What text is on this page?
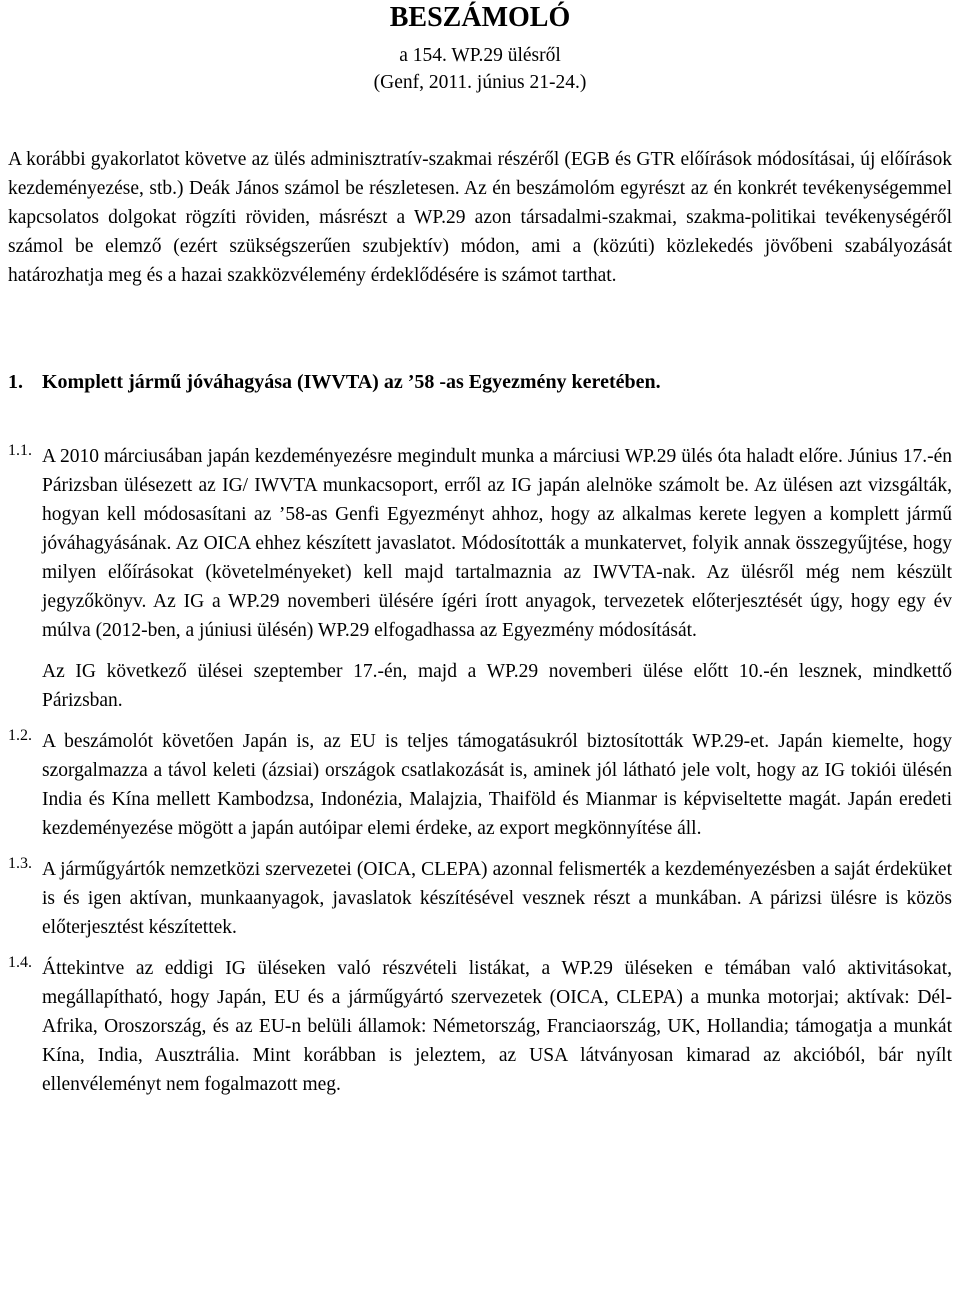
BESZÁMOLÓ
a 154. WP.29 ülésről
(Genf, 2011. június 21-24.)

A korábbi gyakorlatot követve az ülés adminisztratív-szakmai részéről (EGB és GTR előírások módosításai, új előírások kezdeményezése, stb.) Deák János számol be részletesen. Az én beszámolóm egyrészt az én konkrét tevékenységemmel kapcsolatos dolgokat rögzíti röviden, másrészt a WP.29 azon társadalmi-szakmai, szakma-politikai tevékenységéről számol be elemző (ezért szükségszerűen szubjektív) módon, ami a (közúti) közlekedés jövőbeni szabályozását határozhatja meg és a hazai szakközvélemény érdeklődésére is számot tarthat.

1. Komplett jármű jóváhagyása (IWVTA) az ’58 -as Egyezmény keretében.
1.1. A 2010 márciusában japán kezdeményezésre megindult munka a márciusi WP.29 ülés óta haladt előre. Június 17.-én Párizsban ülésezett az IG/ IWVTA munkacsoport, erről az IG japán alelnöke számolt be. Az ülésen azt vizsgálták, hogyan kell módosasítani az ’58-as Genfi Egyezményt ahhoz, hogy az alkalmas kerete legyen a komplett jármű jóváhagyásának. Az OICA ehhez készített javaslatot. Módosították a munkatervet, folyik annak összegyűjtése, hogy milyen előírásokat (követelményeket) kell majd tartalmaznia az IWVTA-nak. Az ülésről még nem készült jegyzőkönyv. Az IG a WP.29 novemberi ülésére ígéri írott anyagok, tervezetek előterjesztését úgy, hogy egy év múlva (2012-ben, a júniusi ülésén) WP.29 elfogadhassa az Egyezmény módosítását.

Az IG következő ülései szeptember 17.-én, majd a WP.29 novemberi ülése előtt 10.-én lesznek, mindkettő Párizsban.

1.2. A beszámolót követően Japán is, az EU is teljes támogatásukról biztosították WP.29-et. Japán kiemelte, hogy szorgalmazza a távol keleti (ázsiai) országok csatlakozását is, aminek jól látható jele volt, hogy az IG tokiói ülésén India és Kína mellett Kambodzsa, Indonézia, Malajzia, Thaiföld és Mianmar is képviseltette magát. Japán eredeti kezdeményezése mögött a japán autóipar elemi érdeke, az export megkönnyítése áll.

1.3. A járműgyártók nemzetközi szervezetei (OICA, CLEPA) azonnal felismerték a kezdeményezésben a saját érdeküket is és igen aktívan, munkaanyagok, javaslatok készítésével vesznek részt a munkában. A párizsi ülésre is közös előterjesztést készítettek.

1.4. Áttekintve az eddigi IG üléseken való részvételi listákat, a WP.29 üléseken e témában való aktivitásokat, megállapítható, hogy Japán, EU és a járműgyártó szervezetek (OICA, CLEPA) a munka motorjai; aktívak: Dél-Afrika, Oroszország, és az EU-n belüli államok: Németország, Franciaország, UK, Hollandia; támogatja a munkát Kína, India, Ausztrália. Mint korábban is jeleztem, az USA látványosan kimarad az akcióból, bár nyílt ellenvéleményt nem fogalmazott meg.
